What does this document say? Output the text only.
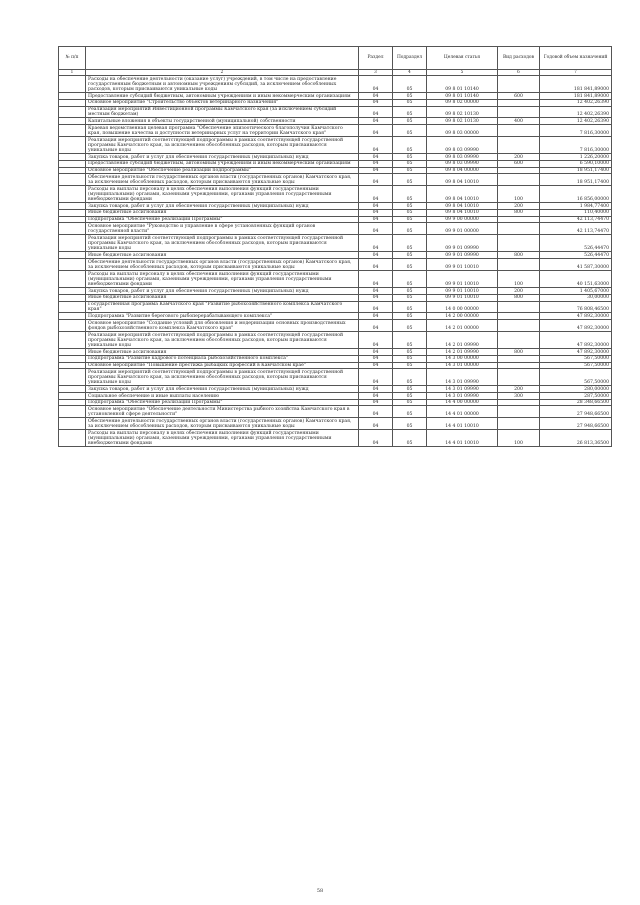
№ п/п		Раздел	Подраздел	Целевая статья	Вид расходов	Годовой объем назначений
1	2	3	4	5	6	7
	Расходы на обеспечение деятельности (оказание услуг) учреждений, в том числе на предоставление государственным бюджетным и автономным учреждениям субсидий, за исключением обособленных расходов, которым присваиваются уникальные коды	04	05	09 8 01 10140		181 841,89000
	Предоставление субсидий бюджетным, автономным учреждениям и иным некоммерческим организациям	04	05	09 8 01 10140	600	181 841,89000
	Основное мероприятие "Строительство объектов ветеринарного назначения"	04	05	09 8 02 00000		12 402,26390
	Реализация мероприятий Инвестиционной программы Камчатского края (за исключением субсидий местным бюджетам)	04	05	09 8 02 10130		12 402,26390
	Капитальные вложения в объекты государственной (муниципальной) собственности	04	05	09 8 02 10130	400	12 402,26390
	Краевая ведомственная целевая программа "Обеспечение эпизоотического благополучия Камчатского края, повышение качества и доступности ветеринарных услуг на территории Камчатского края"	04	05	09 8 03 00000		7 816,30000
	Реализация мероприятий соответствующей подпрограммы в рамках соответствующей государственной программы Камчатского края, за исключением обособленных расходов, которым присваиваются уникальные коды	04	05	09 8 03 09990		7 816,30000
	Закупка товаров, работ и услуг для обеспечения государственных (муниципальных) нужд	04	05	09 8 03 09990	200	1 226,20000
	Предоставление субсидий бюджетным, автономным учреждениям и иным некоммерческим организациям	04	05	09 8 03 09990	600	6 590,10000
	Основное мероприятие "Обеспечение реализации подпрограммы"	04	05	09 8 04 00000		18 951,17400
	Обеспечение деятельности государственных органов власти (государственных органов) Камчатского края, за исключением обособленных расходов, которым присваиваются уникальные коды	04	05	09 8 04 10010		18 951,17400
	Расходы на выплаты персоналу в целях обеспечения выполнения функций государственными (муниципальными) органами, казенными учреждениями, органами управления государственными внебюджетными фондами	04	05	09 8 04 10010	100	16 856,00000
	Закупка товаров, работ и услуг для обеспечения государственных (муниципальных) нужд	04	05	09 8 04 10010	200	1 984,77400
	Иные бюджетные ассигнования	04	05	09 8 04 10010	800	110,40000
	Подпрограмма "Обеспечение реализации Программы"	04	05	09 9 00 00000		42 113,74470
	Основное мероприятие "Руководство и управление в сфере установленных функций органов государственной власти"	04	05	09 9 01 00000		42 113,74470
	Реализация мероприятий соответствующей подпрограммы в рамках соответствующей государственной программы Камчатского края, за исключением обособленных расходов, которым присваиваются уникальные коды	04	05	09 9 01 09990		526,44470
	Иные бюджетные ассигнования	04	05	09 9 01 09990	800	526,44470
	Обеспечение деятельности государственных органов власти (государственных органов) Камчатского края, за исключением обособленных расходов, которым присваиваются уникальные коды	04	05	09 9 01 10010		41 587,30000
	Расходы на выплаты персоналу в целях обеспечения выполнения функций государственными (муниципальными) органами, казенными учреждениями, органами управления государственными внебюджетными фондами	04	05	09 9 01 10010	100	40 151,63000
	Закупка товаров, работ и услуг для обеспечения государственных (муниципальных) нужд	04	05	09 9 01 10010	200	1 405,67000
	Иные бюджетные ассигнования	04	05	09 9 01 10010	800	30,00000
	Государственная программа Камчатского края "Развитие рыбохозяйственного комплекса Камчатского края"	04	05	14 0 00 00000		76 808,46500
	Подпрограмма "Развитие берегового рыбоперерабатывающего комплекса"	04	05	14 2 00 00000		47 892,30000
	Основное мероприятие "Создание условий для обновления и модернизации основных производственных фондов рыбохозяйственного комплекса Камчатского края"	04	05	14 2 01 00000		47 892,30000
	Реализация мероприятий соответствующей подпрограммы в рамках соответствующей государственной программы Камчатского края, за исключением обособленных расходов, которым присваиваются уникальные коды	04	05	14 2 01 09990		47 892,30000
	Иные бюджетные ассигнования	04	05	14 2 01 09990	800	47 892,30000
	Подпрограмма "Развитие кадрового потенциала рыбохозяйственного комплекса"	04	05	14 3 00 00000		567,50000
	Основное мероприятие "Повышение престижа рыбацких профессий в Камчатском крае"	04	05	14 3 01 00000		567,50000
	Реализация мероприятий соответствующей подпрограммы в рамках соответствующей государственной программы Камчатского края, за исключением обособленных расходов, которым присваиваются уникальные коды	04	05	14 3 01 09990		567,50000
	Закупка товаров, работ и услуг для обеспечения государственных (муниципальных) нужд	04	05	14 3 01 09990	200	280,00000
	Социальное обеспечение и иные выплаты населению	04	05	14 3 01 09990	300	287,50000
	Подпрограмма "Обеспечение реализации Программы"	04	05	14 4 00 00000		28 348,66500
	Основное мероприятие "Обеспечение деятельности Министерства рыбного хозяйства Камчатского края в установленной сфере деятельности"	04	05	14 4 01 00000		27 948,66500
	Обеспечение деятельности государственных органов власти (государственных органов) Камчатского края, за исключением обособленных расходов, которым присваиваются уникальные коды	04	05	14 4 01 10010		27 948,66500
	Расходы на выплаты персоналу в целях обеспечения выполнения функций государственными (муниципальными) органами, казенными учреждениями, органами управления государственными внебюджетными фондами	04	05	14 4 01 10010	100	26 813,36500
58
